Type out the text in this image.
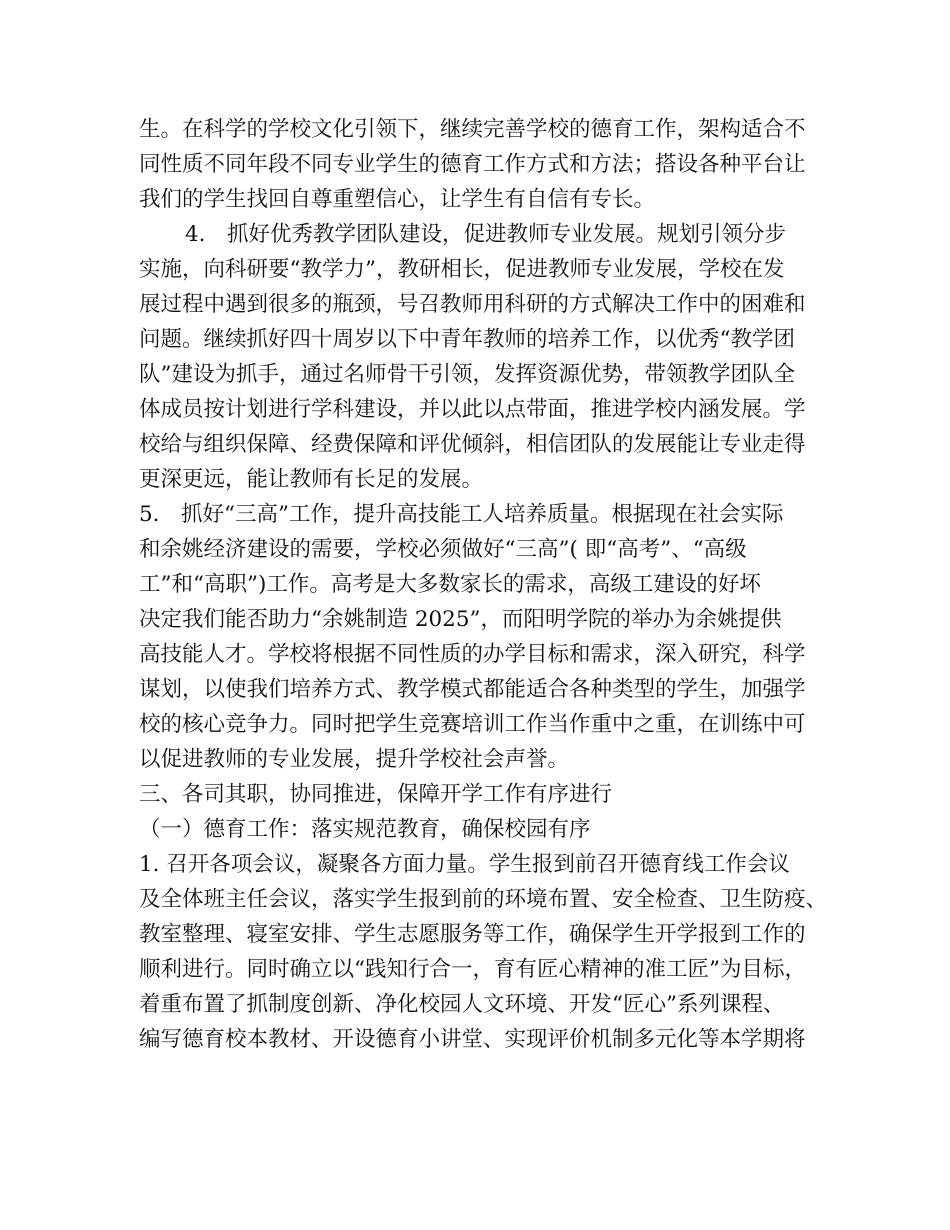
生。在科学的学校文化引领下，继续完善学校的德育工作，架构适合不
同性质不同年段不同专业学生的德育工作方式和方法；搭设各种平台让
我们的学生找回自尊重塑信心，让学生有自信有专长。
4.　抓好优秀教学团队建设，促进教师专业发展。规划引领分步
实施，向科研要“教学力”，教研相长，促进教师专业发展，学校在发
展过程中遇到很多的瓶颈，号召教师用科研的方式解决工作中的困难和
问题。继续抓好四十周岁以下中青年教师的培养工作，以优秀“教学团
队”建设为抓手，通过名师骨干引领，发挥资源优势，带领教学团队全
体成员按计划进行学科建设，并以此以点带面，推进学校内涵发展。学
校给与组织保障、经费保障和评优倾斜，相信团队的发展能让专业走得
更深更远，能让教师有长足的发展。
5.　抓好“三高”工作，提升高技能工人培养质量。根据现在社会实际
和余姚经济建设的需要，学校必须做好“三高”( 即“高考”、“高级
工”和“高职”)工作。高考是大多数家长的需求，高级工建设的好坏
决定我们能否助力“余姚制造 2025”，而阳明学院的举办为余姚提供
高技能人才。学校将根据不同性质的办学目标和需求，深入研究，科学
谋划，以使我们培养方式、教学模式都能适合各种类型的学生，加强学
校的核心竞争力。同时把学生竞赛培训工作当作重中之重，在训练中可
以促进教师的专业发展，提升学校社会声誉。
三、各司其职，协同推进，保障开学工作有序进行
（一）德育工作：落实规范教育，确保校园有序
1. 召开各项会议，凝聚各方面力量。学生报到前召开德育线工作会议
及全体班主任会议，落实学生报到前的环境布置、安全检查、卫生防疫、
教室整理、寝室安排、学生志愿服务等工作，确保学生开学报到工作的
顺利进行。同时确立以“践知行合一，育有匠心精神的准工匠”为目标，
着重布置了抓制度创新、净化校园人文环境、开发“匠心”系列课程、
编写德育校本教材、开设德育小讲堂、实现评价机制多元化等本学期将
